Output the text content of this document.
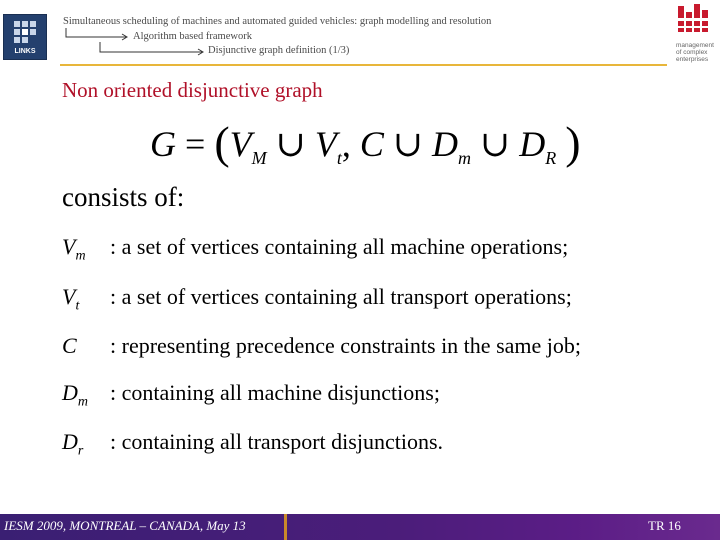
LINKS
Simultaneous scheduling of machines and automated guided vehicles: graph modelling and resolution
Algorithm based framework
Disjunctive graph definition (1/3)	management
of complex
enterprises
Non oriented disjunctive graph
$G = (V_M$ ∪ $V_t$, C ∪ $D_m$ ∪ $D_R$ )
consists of:
$V_m$ : a set of vertices containing all machine operations;
$V_t$ : a set of vertices containing all transport operations;
C : representing precedence constraints in the same job;
$D_m$ : containing all machine disjunctions;
$D_r$ : containing all transport disjunctions.
IESM 2009, MONTREAL – CANADA, May 13	TR 16
